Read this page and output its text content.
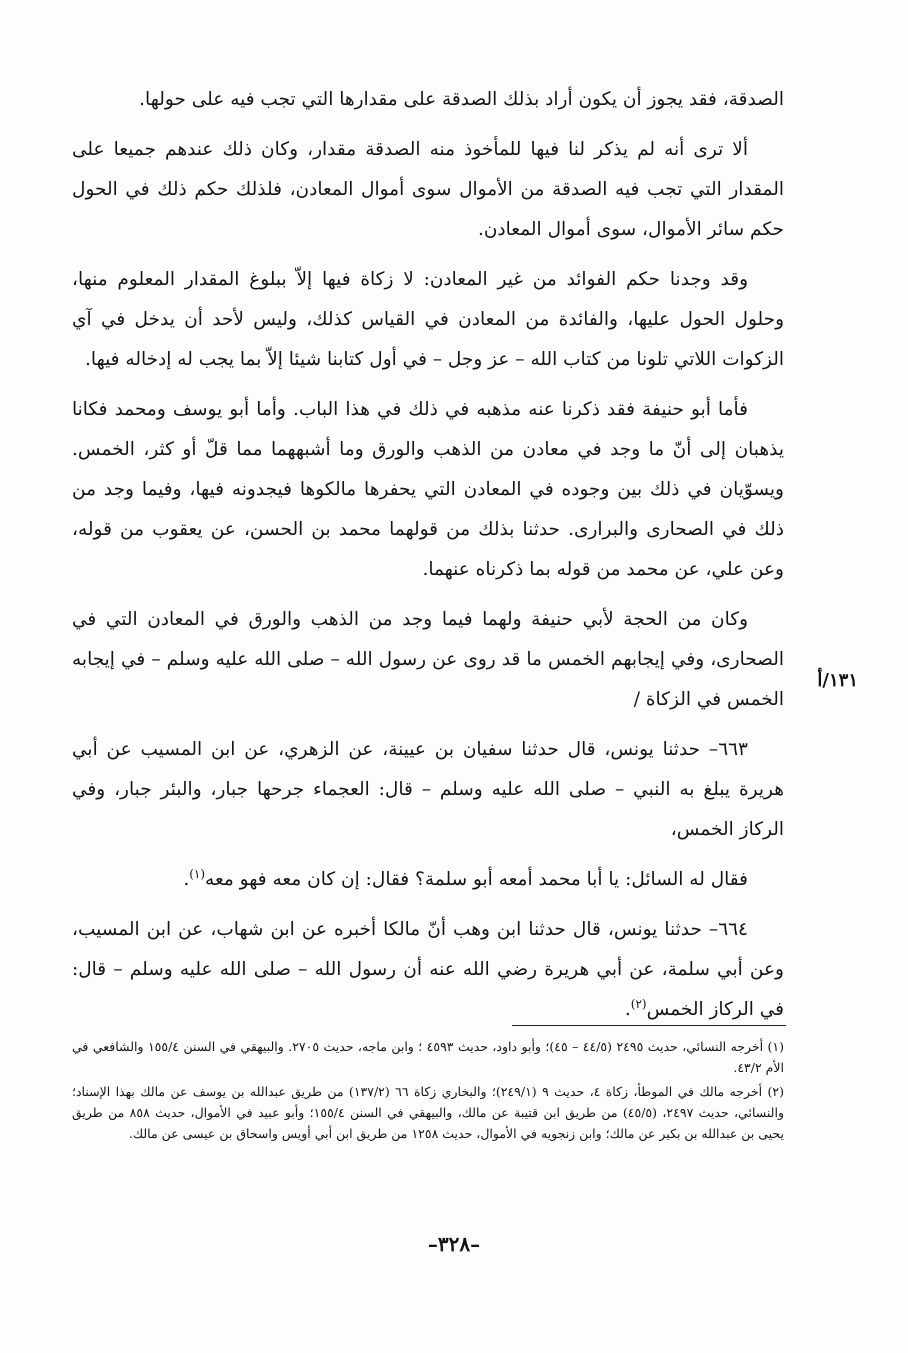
الصدقة، فقد يجوز أن يكون أراد بذلك الصدقة على مقدارها التي تجب فيه على حولها.

ألا ترى أنه لم يذكر لنا فيها للمأخوذ منه الصدقة مقدار، وكان ذلك عندهم جميعا على المقدار التي تجب فيه الصدقة من الأموال سوى أموال المعادن، فلذلك حكم ذلك في الحول حكم سائر الأموال، سوى أموال المعادن.

وقد وجدنا حكم الفوائد من غير المعادن: لا زكاة فيها إلاّ ببلوغ المقدار المعلوم منها، وحلول الحول عليها، والفائدة من المعادن في القياس كذلك، وليس لأحد أن يدخل في آي الزكوات اللاتي تلونا من كتاب الله – عز وجل – في أول كتابنا شيئا إلاّ بما يجب له إدخاله فيها.

فأما أبو حنيفة فقد ذكرنا عنه مذهبه في ذلك في هذا الباب. وأما أبو يوسف ومحمد فكانا يذهبان إلى أنّ ما وجد في معادن من الذهب والورق وما أشبههما مما قلّ أو كثر، الخمس. ويسوّيان في ذلك بين وجوده في المعادن التي يحفرها مالكوها فيجدونه فيها، وفيما وجد من ذلك في الصحارى والبرارى. حدثنا بذلك من قولهما محمد بن الحسن، عن يعقوب من قوله، وعن علي، عن محمد من قوله بما ذكرناه عنهما.

وكان من الحجة لأبي حنيفة ولهما فيما وجد من الذهب والورق في المعادن التي في الصحارى، وفي إيجابهم الخمس ما قد روى عن رسول الله – صلى الله عليه وسلم – في إيجابه الخمس في الزكاة /

٦٦٣– حدثنا يونس، قال حدثنا سفيان بن عيينة، عن الزهري، عن ابن المسيب عن أبي هريرة يبلغ به النبي – صلى الله عليه وسلم – قال: العجماء جرحها جبار، والبئر جبار، وفي الركاز الخمس،

فقال له السائل: يا أبا محمد أمعه أبو سلمة؟ فقال: إن كان معه فهو معه$^{(١)}$.

٦٦٤– حدثنا يونس، قال حدثنا ابن وهب أنّ مالكا أخبره عن ابن شهاب، عن ابن المسيب، وعن أبي سلمة، عن أبي هريرة رضي الله عنه أن رسول الله – صلى الله عليه وسلم – قال: في الركاز الخمس$^{(٢)}$.

١٣١/أ

(١) أخرجه النسائي، حديث ٢٤٩٥ (٤٤/٥ – ٤٥)؛ وأبو داود، حديث ٤٥٩٣ ؛ وابن ماجه، حديث ٢٧٠٥. والبيهقي في السنن ١٥٥/٤ والشافعي في الأم ٤٣/٢.

(٢) أخرجه مالك في الموطأ، زكاة ٤، حديث ٩ (٢٤٩/١)؛ والبخاري زكاة ٦٦ (١٣٧/٢) من طريق عبدالله بن يوسف عن مالك بهذا الإسناد؛ والنسائي، حديث ٢٤٩٧، (٤٥/٥) من طريق ابن قتيبة عن مالك، والبيهقي في السنن ١٥٥/٤؛ وأبو عبيد في الأموال، حديث ٨٥٨ من طريق يحيى بن عبدالله بن بكير عن مالك؛ وابن زنجويه في الأموال، حديث ١٢٥٨ من طريق ابن أبي أويس واسحاق بن عيسى عن مالك.

–٣٢٨–
